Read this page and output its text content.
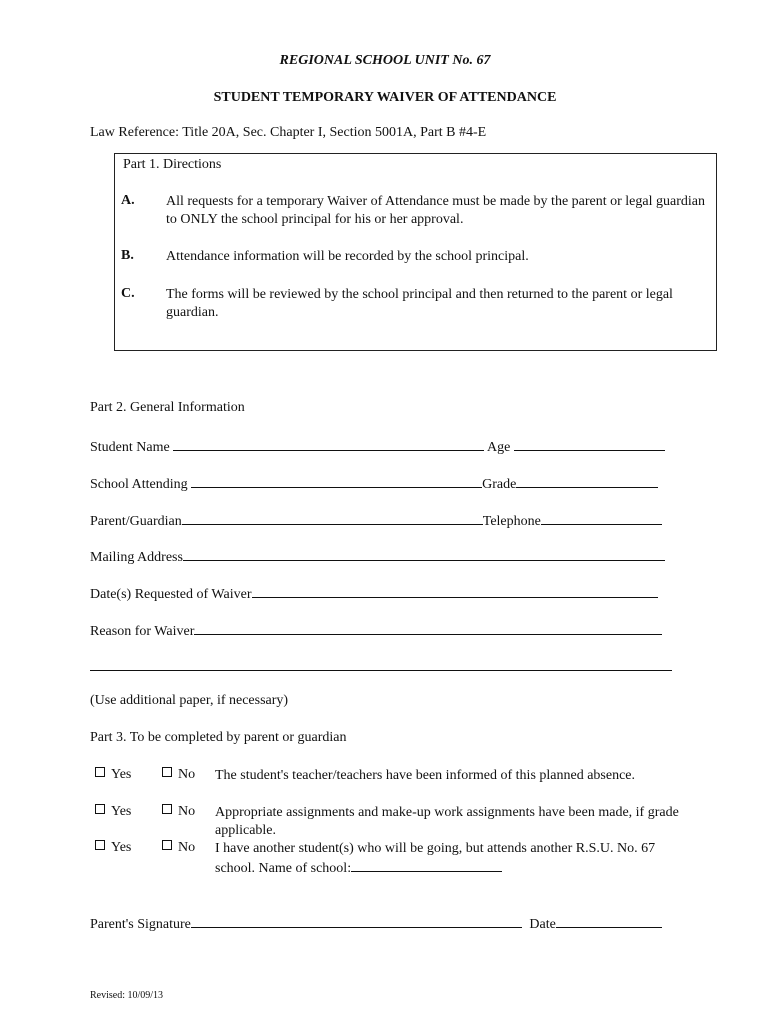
REGIONAL SCHOOL UNIT No. 67
STUDENT TEMPORARY WAIVER OF ATTENDANCE
Law Reference: Title 20A, Sec. Chapter I, Section 5001A, Part B #4-E
Part 1. Directions
A. All requests for a temporary Waiver of Attendance must be made by the parent or legal guardian to ONLY the school principal for his or her approval.
B. Attendance information will be recorded by the school principal.
C. The forms will be reviewed by the school principal and then returned to the parent or legal guardian.
Part 2. General Information
Student Name	Age
School Attending	Grade
Parent/Guardian	Telephone
Mailing Address
Date(s) Requested of Waiver
Reason for Waiver
(Use additional paper, if necessary)
Part 3. To be completed by parent or guardian
Yes	No The student's teacher/teachers have been informed of this planned absence.
Yes	No Appropriate assignments and make-up work assignments have been made, if grade applicable.
Yes	No I have another student(s) who will be going, but attends another R.S.U. No. 67 school. Name of school:
Parent's Signature	Date
Revised: 10/09/13
